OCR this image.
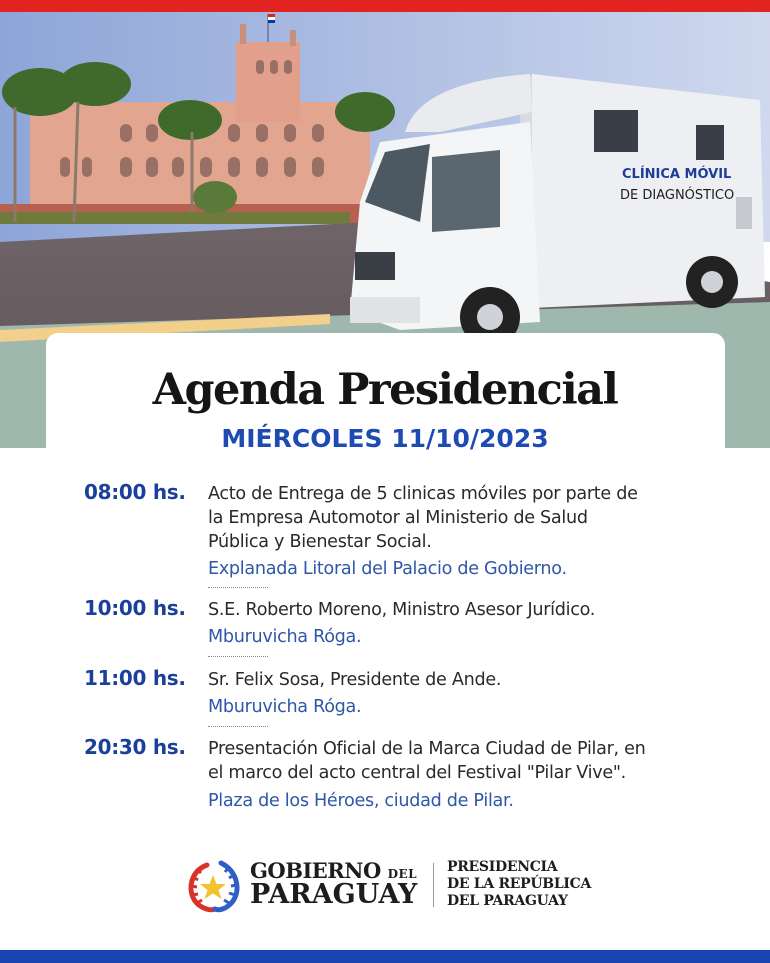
CLÍNICA MÓVIL
DE DIAGNÓSTICO
Agenda Presidencial
MIÉRCOLES 11/10/2023
08:00 hs. Acto de Entrega de 5 clinicas móviles por parte de
la Empresa Automotor al Ministerio de Salud
Pública y Bienestar Social.
Explanada Litoral del Palacio de Gobierno.
10:00 hs. S.E. Roberto Moreno, Ministro Asesor Jurídico.
Mburuvicha Róga.
11:00 hs. Sr. Felix Sosa, Presidente de Ande.
Mburuvicha Róga.
20:30 hs. Presentación Oficial de la Marca Ciudad de Pilar, en
el marco del acto central del Festival "Pilar Vive".
Plaza de los Héroes, ciudad de Pilar.
GOBIERNO DEL
PARAGUAY
PRESIDENCIA
DE LA REPÚBLICA
DEL PARAGUAY
